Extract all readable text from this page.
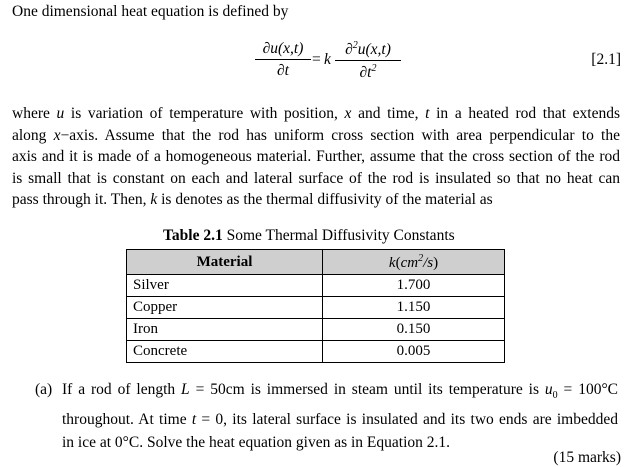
One dimensional heat equation is defined by
∂u(x,t)
∂t
= k
∂$^2$u(x,t)
$\partial t^2$
[2.1]
where u is variation of temperature with position, x and time, t in a heated rod that extends
along x−axis. Assume that the rod has uniform cross section with area perpendicular to the
axis and it is made of a homogeneous material. Further, assume that the cross section of the rod
is small that is constant on each and lateral surface of the rod is insulated so that no heat can
pass through it. Then, k is denotes as the thermal diffusivity of the material as
Table 2.1 Some Thermal Diffusivity Constants
Material	$k(cm^2/s)$
Silver	1.700
Copper	1.150
Iron	0.150
Concrete	0.005
(a) If a rod of length L = 50cm is immersed in steam until its temperature is $u_0 = 100^\circ C$
throughout. At time t = 0, its lateral surface is insulated and its two ends are imbedded
in ice at 0°C. Solve the heat equation given as in Equation 2.1.
(15 marks)
